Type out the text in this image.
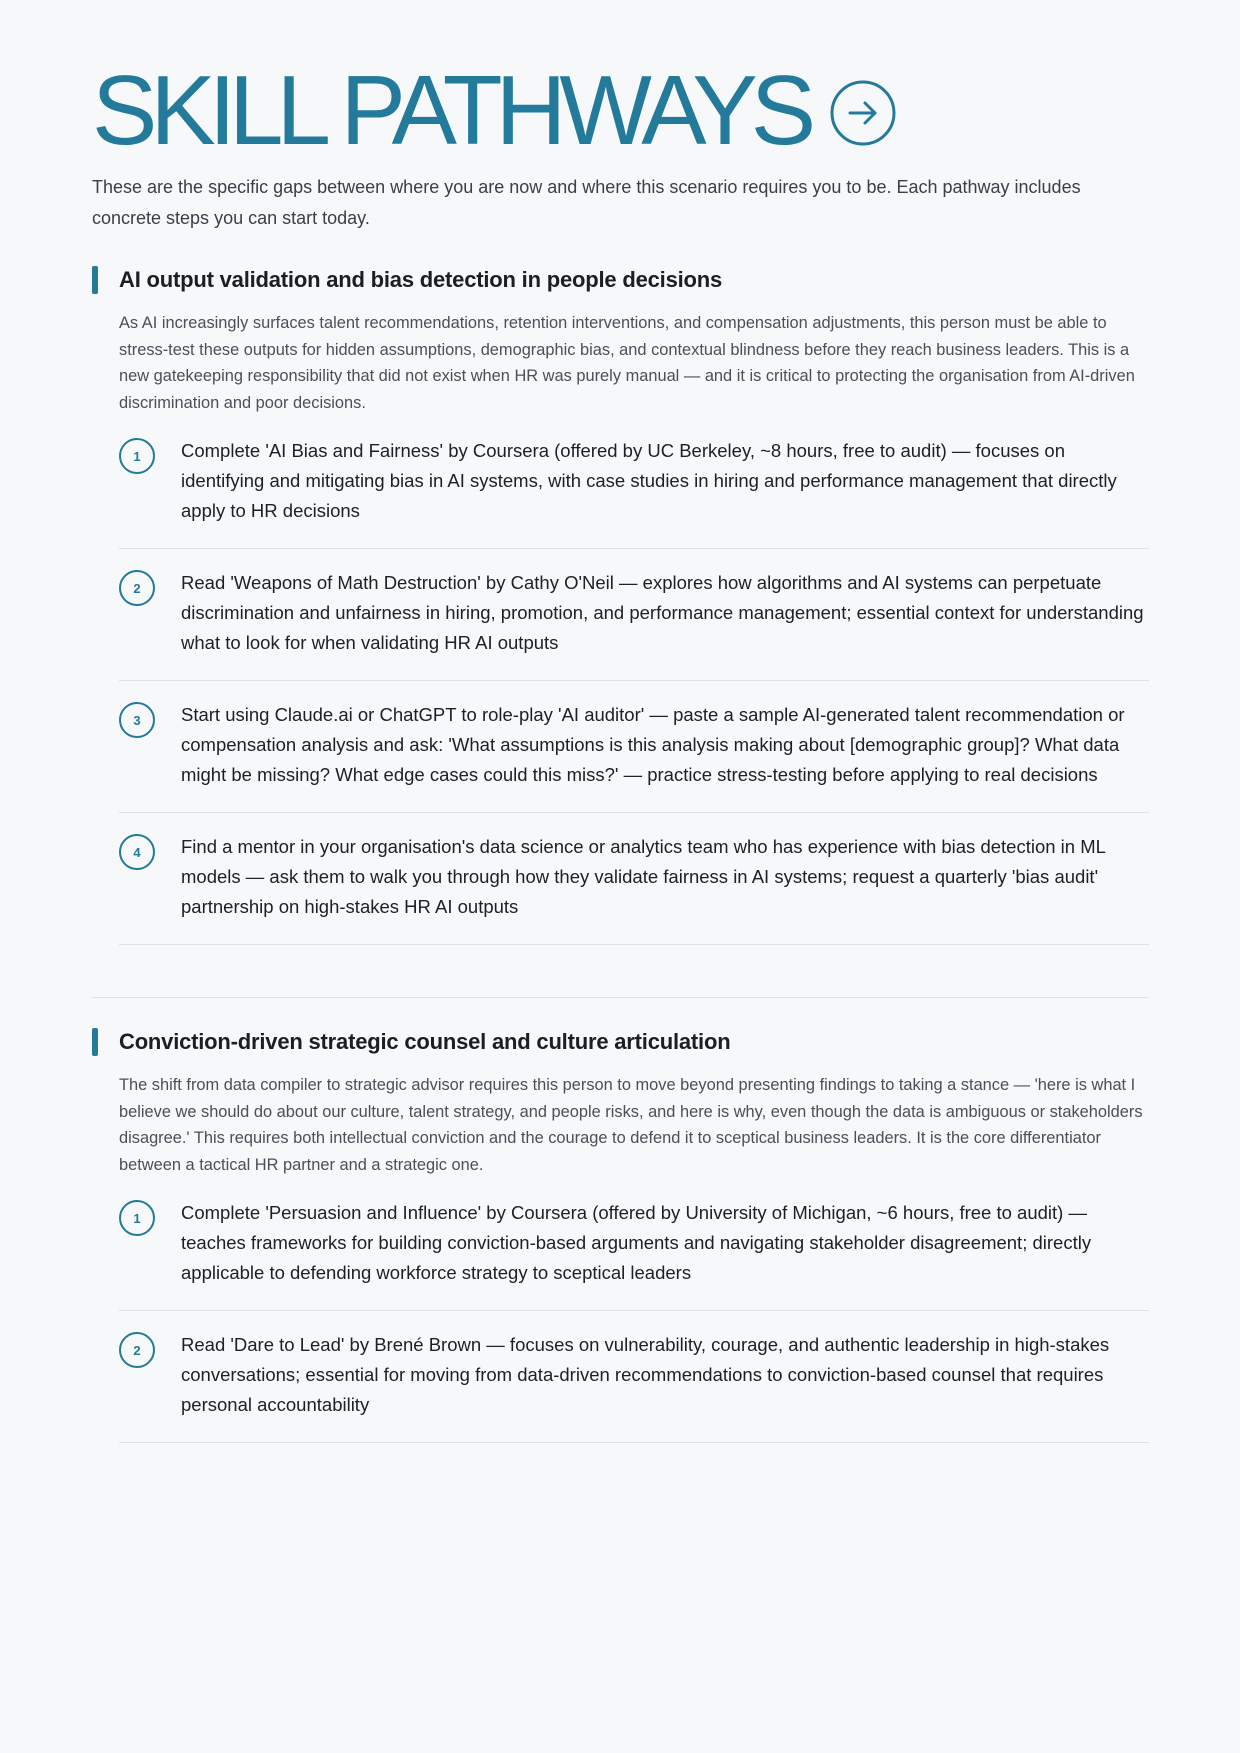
SKILL PATHWAYS

These are the specific gaps between where you are now and where this scenario requires you to be. Each pathway includes concrete steps you can start today.

AI output validation and bias detection in people decisions

As AI increasingly surfaces talent recommendations, retention interventions, and compensation adjustments, this person must be able to stress-test these outputs for hidden assumptions, demographic bias, and contextual blindness before they reach business leaders. This is a new gatekeeping responsibility that did not exist when HR was purely manual — and it is critical to protecting the organisation from AI-driven discrimination and poor decisions.

1	Complete 'AI Bias and Fairness' by Coursera (offered by UC Berkeley, ~8 hours, free to audit) — focuses on identifying and mitigating bias in AI systems, with case studies in hiring and performance management that directly apply to HR decisions
2	Read 'Weapons of Math Destruction' by Cathy O'Neil — explores how algorithms and AI systems can perpetuate discrimination and unfairness in hiring, promotion, and performance management; essential context for understanding what to look for when validating HR AI outputs
3	Start using Claude.ai or ChatGPT to role-play 'AI auditor' — paste a sample AI-generated talent recommendation or compensation analysis and ask: 'What assumptions is this analysis making about [demographic group]? What data might be missing? What edge cases could this miss?' — practice stress-testing before applying to real decisions
4	Find a mentor in your organisation's data science or analytics team who has experience with bias detection in ML models — ask them to walk you through how they validate fairness in AI systems; request a quarterly 'bias audit' partnership on high-stakes HR AI outputs
Conviction-driven strategic counsel and culture articulation

The shift from data compiler to strategic advisor requires this person to move beyond presenting findings to taking a stance — 'here is what I believe we should do about our culture, talent strategy, and people risks, and here is why, even though the data is ambiguous or stakeholders disagree.' This requires both intellectual conviction and the courage to defend it to sceptical business leaders. It is the core differentiator between a tactical HR partner and a strategic one.

1	Complete 'Persuasion and Influence' by Coursera (offered by University of Michigan, ~6 hours, free to audit) — teaches frameworks for building conviction-based arguments and navigating stakeholder disagreement; directly applicable to defending workforce strategy to sceptical leaders
2	Read 'Dare to Lead' by Brené Brown — focuses on vulnerability, courage, and authentic leadership in high-stakes conversations; essential for moving from data-driven recommendations to conviction-based counsel that requires personal accountability
